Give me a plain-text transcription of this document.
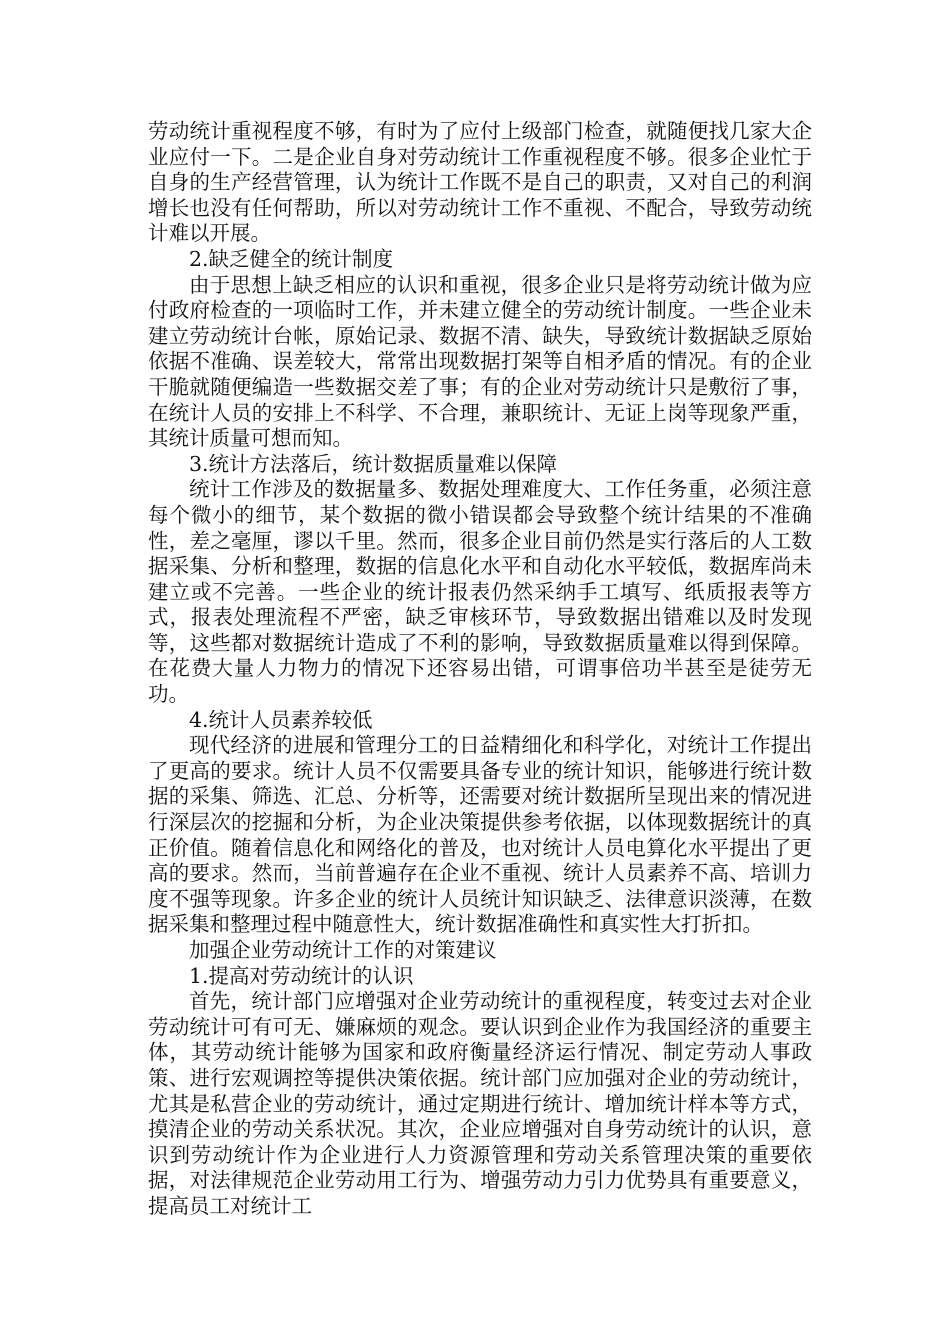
劳动统计重视程度不够，有时为了应付上级部门检查，就随便找几家大企业应付一下。二是企业自身对劳动统计工作重视程度不够。很多企业忙于自身的生产经营管理，认为统计工作既不是自己的职责，又对自己的利润增长也没有任何帮助，所以对劳动统计工作不重视、不配合，导致劳动统计难以开展。

2.缺乏健全的统计制度

由于思想上缺乏相应的认识和重视，很多企业只是将劳动统计做为应付政府检查的一项临时工作，并未建立健全的劳动统计制度。一些企业未建立劳动统计台帐，原始记录、数据不清、缺失，导致统计数据缺乏原始依据不准确、误差较大，常常出现数据打架等自相矛盾的情况。有的企业干脆就随便编造一些数据交差了事；有的企业对劳动统计只是敷衍了事，在统计人员的安排上不科学、不合理，兼职统计、无证上岗等现象严重，其统计质量可想而知。

3.统计方法落后，统计数据质量难以保障

统计工作涉及的数据量多、数据处理难度大、工作任务重，必须注意每个微小的细节，某个数据的微小错误都会导致整个统计结果的不准确性，差之毫厘，谬以千里。然而，很多企业目前仍然是实行落后的人工数据采集、分析和整理，数据的信息化水平和自动化水平较低，数据库尚未建立或不完善。一些企业的统计报表仍然采纳手工填写、纸质报表等方式，报表处理流程不严密，缺乏审核环节，导致数据出错难以及时发现等，这些都对数据统计造成了不利的影响，导致数据质量难以得到保障。在花费大量人力物力的情况下还容易出错，可谓事倍功半甚至是徒劳无功。

4.统计人员素养较低

现代经济的进展和管理分工的日益精细化和科学化，对统计工作提出了更高的要求。统计人员不仅需要具备专业的统计知识，能够进行统计数据的采集、筛选、汇总、分析等，还需要对统计数据所呈现出来的情况进行深层次的挖掘和分析，为企业决策提供参考依据，以体现数据统计的真正价值。随着信息化和网络化的普及，也对统计人员电算化水平提出了更高的要求。然而，当前普遍存在企业不重视、统计人员素养不高、培训力度不强等现象。许多企业的统计人员统计知识缺乏、法律意识淡薄，在数据采集和整理过程中随意性大，统计数据准确性和真实性大打折扣。

加强企业劳动统计工作的对策建议

1.提高对劳动统计的认识

首先，统计部门应增强对企业劳动统计的重视程度，转变过去对企业劳动统计可有可无、嫌麻烦的观念。要认识到企业作为我国经济的重要主体，其劳动统计能够为国家和政府衡量经济运行情况、制定劳动人事政策、进行宏观调控等提供决策依据。统计部门应加强对企业的劳动统计，尤其是私营企业的劳动统计，通过定期进行统计、增加统计样本等方式，摸清企业的劳动关系状况。其次，企业应增强对自身劳动统计的认识，意识到劳动统计作为企业进行人力资源管理和劳动关系管理决策的重要依据，对法律规范企业劳动用工行为、增强劳动力引力优势具有重要意义，提高员工对统计工
